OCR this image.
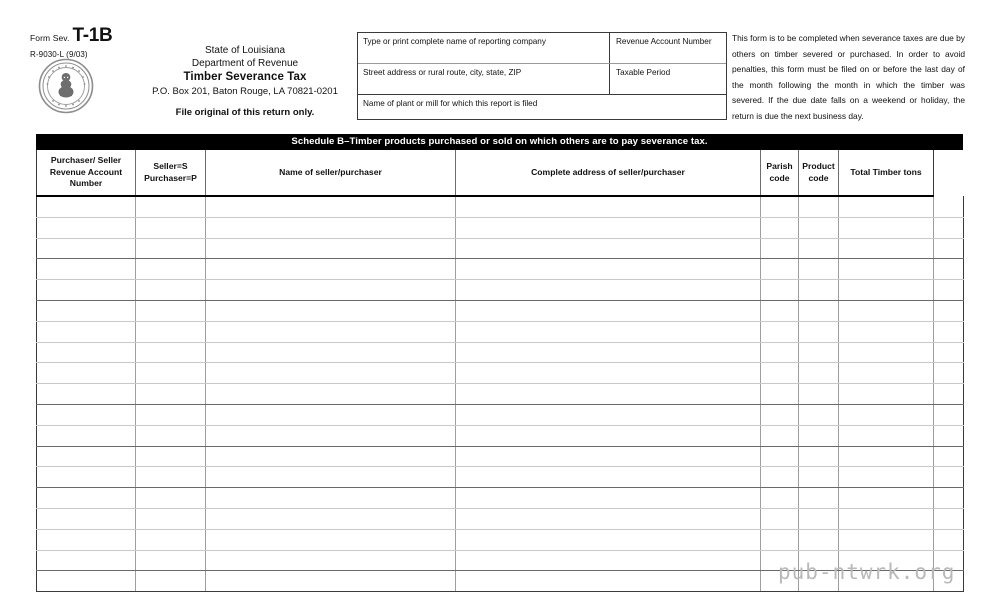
Form Sev. T-1B
R-9030-L (9/03)	State of Louisiana
Department of Revenue
Timber Severance Tax
P.O. Box 201, Baton Rouge, LA 70821-0201
File original of this return only.
Type or print complete name of reporting company	Revenue Account Number
Street address or rural route, city, state, ZIP	Taxable Period
Name of plant or mill for which this report is filed
This form is to be completed when severance taxes are due by others on timber severed or purchased. In order to avoid penalties, this form must be filed on or before the last day of the month following the month in which the timber was severed. If the due date falls on a weekend or holiday, the return is due the next business day.
Schedule B–Timber products purchased or sold on which others are to pay severance tax.
Purchaser/ Seller Revenue Account Number	Seller=S Purchaser=P	Name of seller/purchaser	Complete address of seller/purchaser	Parish code	Product code	Total Timber tons	

pub-ntwrk.org
